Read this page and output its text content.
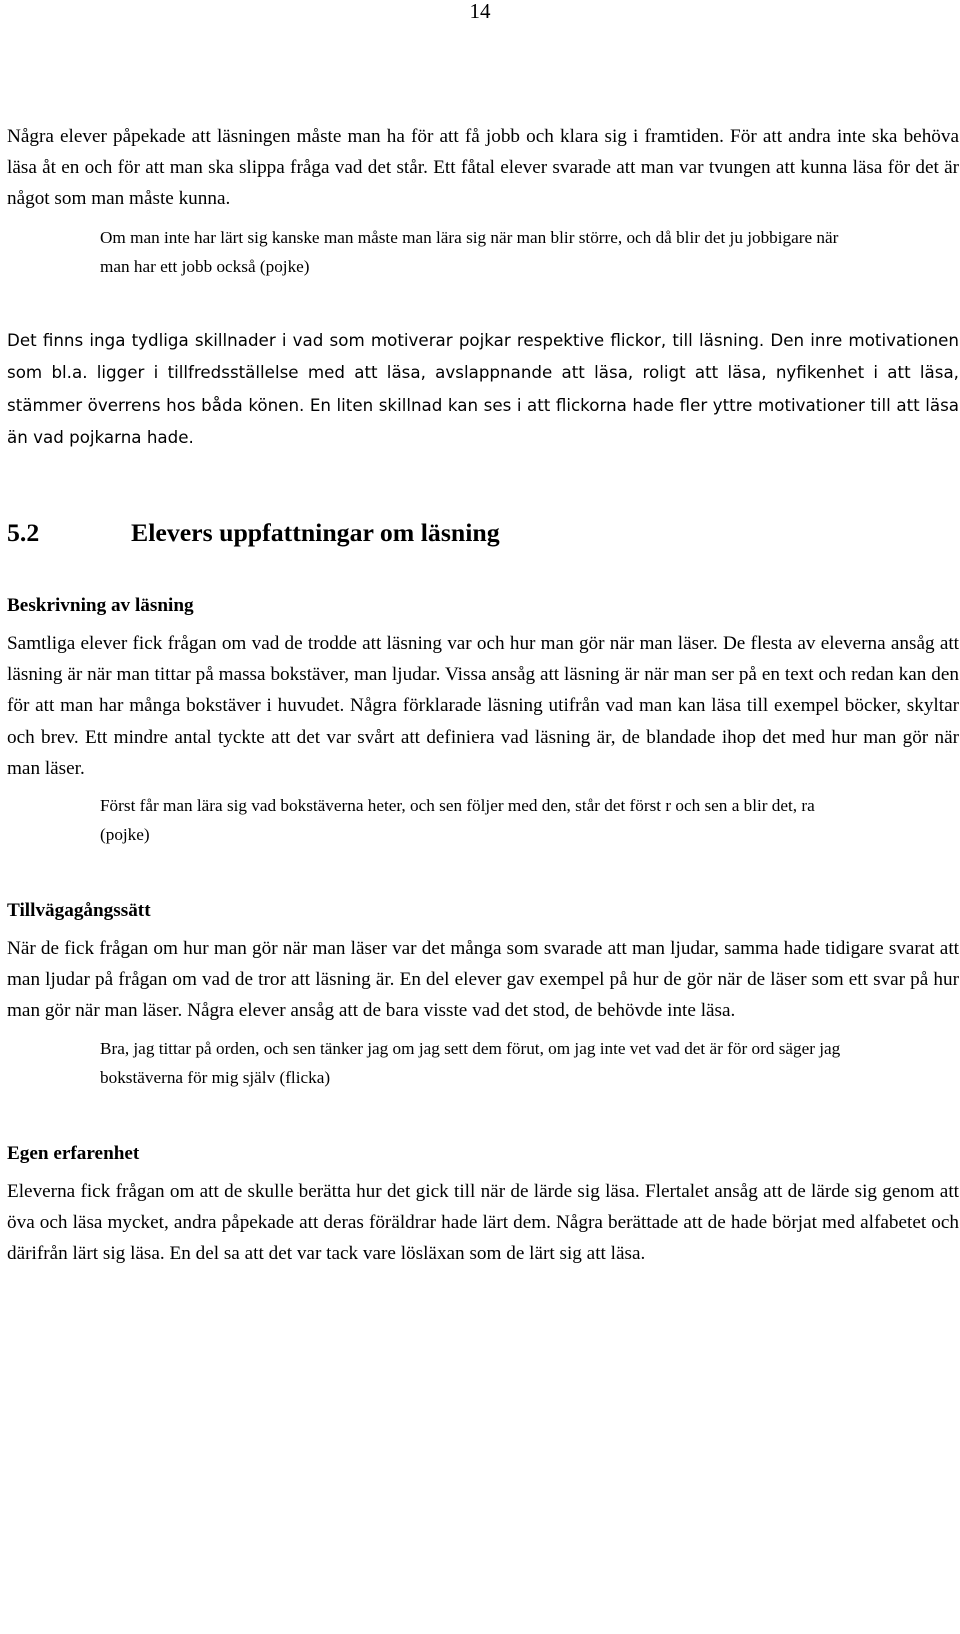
14

Några elever påpekade att läsningen måste man ha för att få jobb och klara sig i framtiden. För att andra inte ska behöva läsa åt en och för att man ska slippa fråga vad det står. Ett fåtal elever svarade att man var tvungen att kunna läsa för det är något som man måste kunna.

Om man inte har lärt sig kanske man måste man lära sig när man blir större, och då blir det ju jobbigare när man har ett jobb också (pojke)

Det finns inga tydliga skillnader i vad som motiverar pojkar respektive flickor, till läsning. Den inre motivationen som bl.a. ligger i tillfredsställelse med att läsa, avslappnande att läsa, roligt att läsa, nyfikenhet i att läsa, stämmer överrens hos båda könen. En liten skillnad kan ses i att flickorna hade fler yttre motivationer till att läsa än vad pojkarna hade.

5.2	Elevers uppfattningar om läsning
Beskrivning av läsning

Samtliga elever fick frågan om vad de trodde att läsning var och hur man gör när man läser. De flesta av eleverna ansåg att läsning är när man tittar på massa bokstäver, man ljudar. Vissa ansåg att läsning är när man ser på en text och redan kan den för att man har många bokstäver i huvudet. Några förklarade läsning utifrån vad man kan läsa till exempel böcker, skyltar och brev. Ett mindre antal tyckte att det var svårt att definiera vad läsning är, de blandade ihop det med hur man gör när man läser.

Först får man lära sig vad bokstäverna heter, och sen följer med den, står det först r och sen a blir det, ra (pojke)

Tillvägagångssätt

När de fick frågan om hur man gör när man läser var det många som svarade att man ljudar, samma hade tidigare svarat att man ljudar på frågan om vad de tror att läsning är. En del elever gav exempel på hur de gör när de läser som ett svar på hur man gör när man läser. Några elever ansåg att de bara visste vad det stod, de behövde inte läsa.

Bra, jag tittar på orden, och sen tänker jag om jag sett dem förut, om jag inte vet vad det är för ord säger jag bokstäverna för mig själv (flicka)

Egen erfarenhet

Eleverna fick frågan om att de skulle berätta hur det gick till när de lärde sig läsa. Flertalet ansåg att de lärde sig genom att öva och läsa mycket, andra påpekade att deras föräldrar hade lärt dem. Några berättade att de hade börjat med alfabetet och därifrån lärt sig läsa. En del sa att det var tack vare lösläxan som de lärt sig att läsa.
